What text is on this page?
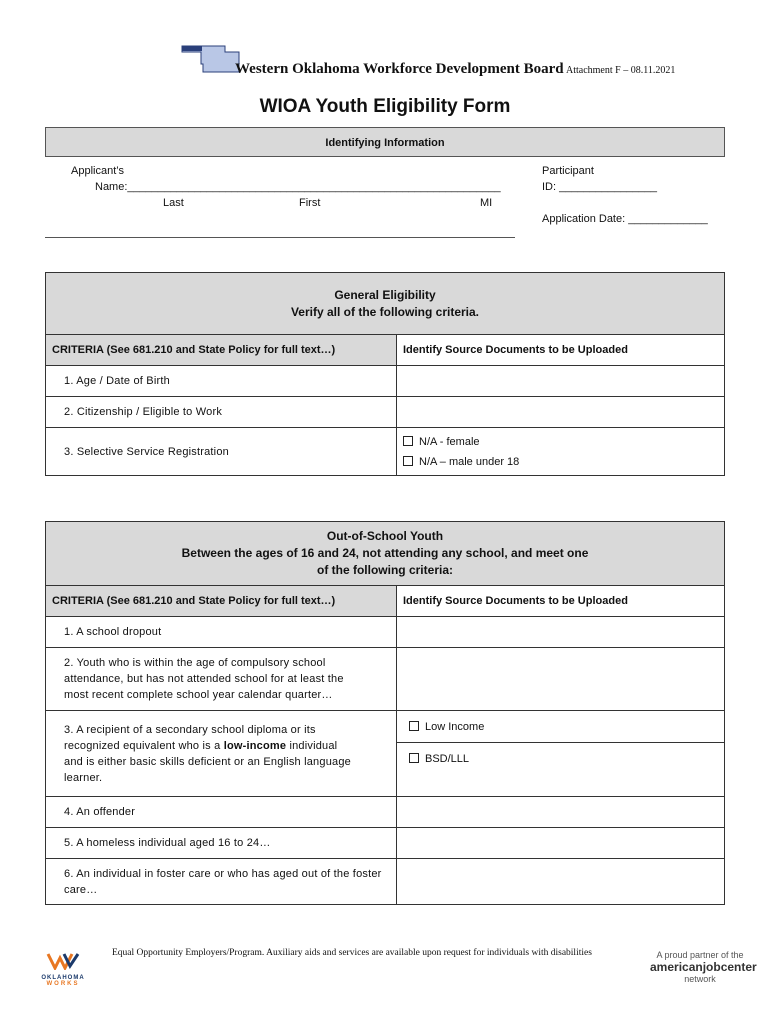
Western Oklahoma Workforce Development Board Attachment F – 08.11.2021
WIOA Youth Eligibility Form
Identifying Information
Applicant’s
Name:_____________________________________________________________
Last	First	MI
Participant
ID: ________________
Application Date: _____________
General Eligibility
Verify all of the following criteria.	

CRITERIA (See 681.210 and State Policy for full text…)	Identify Source Documents to be Uploaded
1. Age / Date of Birth	
2. Citizenship / Eligible to Work	
3. Selective Service Registration	N/A - female
N/A – male under 18
Out-of-School Youth
Between the ages of 16 and 24, not attending any school, and meet one
of the following criteria:	

CRITERIA (See 681.210 and State Policy for full text…)	Identify Source Documents to be Uploaded
1. A school dropout	

2. Youth who is within the age of compulsory school
attendance, but has not attended school for at least the
most recent complete school year calendar quarter…	

3. A recipient of a secondary school diploma or its
recognized equivalent who is a low-income individual
and is either basic skills deficient or an English language
learner.	Low Income
	BSD/LLL
4. An offender	
5. A homeless individual aged 16 to 24…	

6. An individual in foster care or who has aged out of the foster
care…	

OKLAHOMA
WORKS
Equal Opportunity Employers/Program. Auxiliary aids and services are available upon request for individuals with disabilities	A proud partner of the
americanjobcenter
network
